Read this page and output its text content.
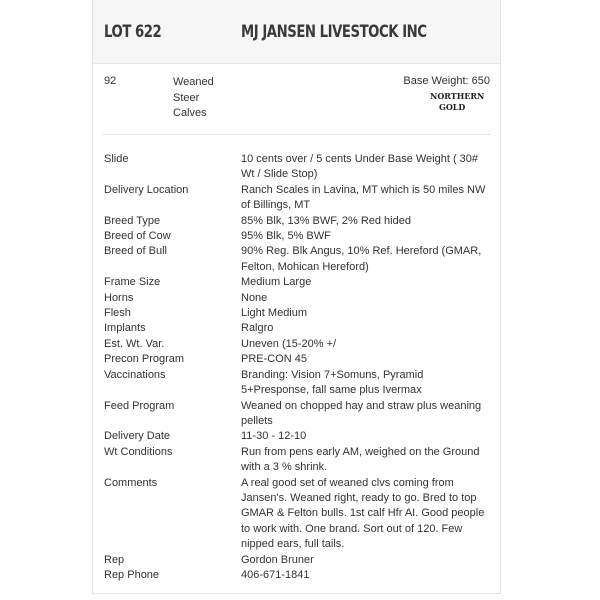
LOT 622	MJ JANSEN LIVESTOCK INC
92	Weaned
Steer
Calves
Base Weight: 650
NORTHERN
GOLD
Slide	10 cents over / 5 cents Under Base Weight ( 30# Wt / Slide Stop)
Delivery Location	Ranch Scales in Lavina, MT which is 50 miles NW of Billings, MT
Breed Type	85% Blk, 13% BWF, 2% Red hided
Breed of Cow	95% Blk, 5% BWF
Breed of Bull	90% Reg. Blk Angus, 10% Ref. Hereford (GMAR, Felton, Mohican Hereford)
Frame Size	Medium Large
Horns	None
Flesh	Light Medium
Implants	Ralgro
Est. Wt. Var.	Uneven (15-20% +/
Precon Program	PRE-CON 45
Vaccinations	Branding: Vision 7+Somuns, Pyramid 5+Presponse, fall same plus Ivermax
Feed Program	Weaned on chopped hay and straw plus weaning pellets
Delivery Date	11-30 - 12-10
Wt Conditions	Run from pens early AM, weighed on the Ground with a 3 % shrink.
Comments	A real good set of weaned clvs coming from Jansen's. Weaned right, ready to go. Bred to top GMAR & Felton bulls. 1st calf Hfr AI. Good people to work with. One brand. Sort out of 120. Few nipped ears, full tails.
Rep	Gordon Bruner
Rep Phone	406-671-1841
